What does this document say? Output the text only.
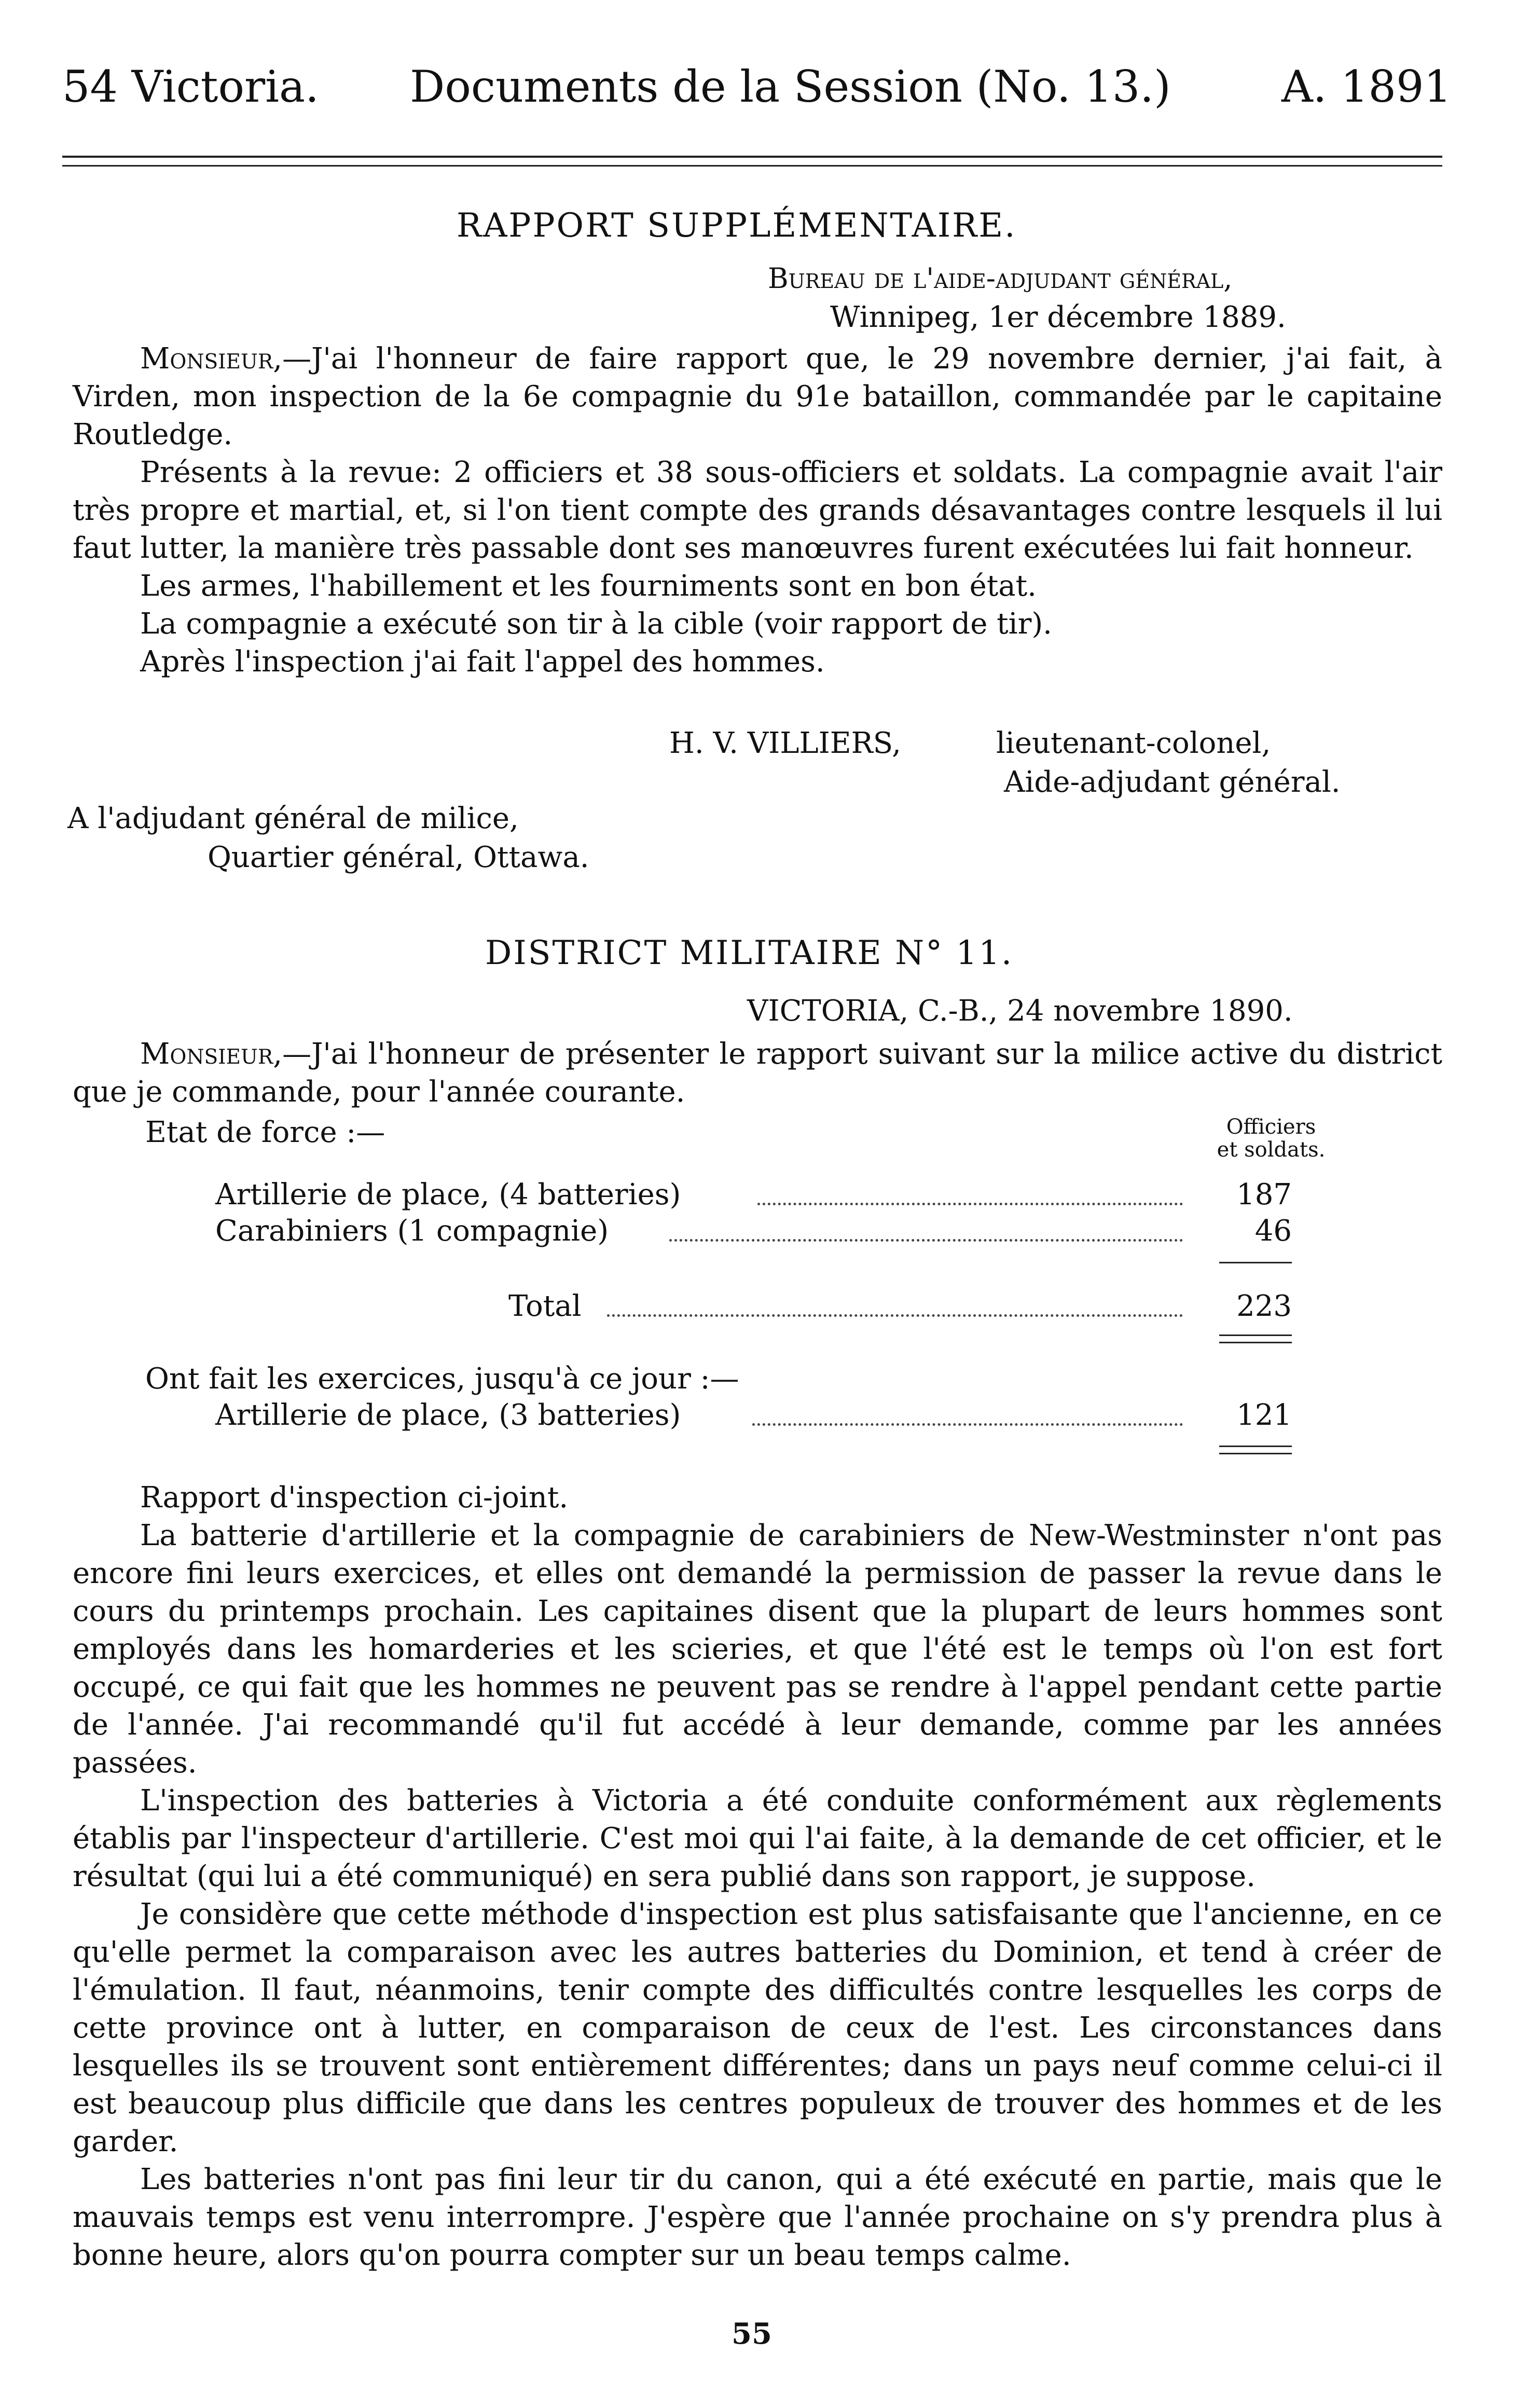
54 Victoria. Documents de la Session (No. 13.)	A. 1891
RAPPORT SUPPLÉMENTAIRE.
Bureau de l'aide-adjudant général,
Winnipeg, 1er décembre 1889.

Monsieur,—J'ai l'honneur de faire rapport que, le 29 novembre dernier, j'ai fait, à Virden, mon inspection de la 6e compagnie du 91e bataillon, commandée par le capitaine Routledge.

Présents à la revue: 2 officiers et 38 sous-officiers et soldats. La compagnie avait l'air très propre et martial, et, si l'on tient compte des grands désavantages contre lesquels il lui faut lutter, la manière très passable dont ses manœuvres furent exécutées lui fait honneur.

Les armes, l'habillement et les fourniments sont en bon état.

La compagnie a exécuté son tir à la cible (voir rapport de tir).

Après l'inspection j'ai fait l'appel des hommes.

H. V. VILLIERS,	lieutenant-colonel,
Aide-adjudant général.
A l'adjudant général de milice,
Quartier général, Ottawa.
DISTRICT MILITAIRE N° 11.
VICTORIA, C.-B., 24 novembre 1890.

Monsieur,—J'ai l'honneur de présenter le rapport suivant sur la milice active du district que je commande, pour l'année courante.

Etat de force :—	Officiers
et soldats.
Artillerie de place, (4 batteries)	187
Carabiniers (1 compagnie)	46
Total	223
Ont fait les exercices, jusqu'à ce jour :—
Artillerie de place, (3 batteries)	121

Rapport d'inspection ci-joint.

La batterie d'artillerie et la compagnie de carabiniers de New-Westminster n'ont pas encore fini leurs exercices, et elles ont demandé la permission de passer la revue dans le cours du printemps prochain. Les capitaines disent que la plupart de leurs hommes sont employés dans les homarderies et les scieries, et que l'été est le temps où l'on est fort occupé, ce qui fait que les hommes ne peuvent pas se rendre à l'appel pendant cette partie de l'année. J'ai recommandé qu'il fut accédé à leur demande, comme par les années passées.

L'inspection des batteries à Victoria a été conduite conformément aux règlements établis par l'inspecteur d'artillerie. C'est moi qui l'ai faite, à la demande de cet officier, et le résultat (qui lui a été communiqué) en sera publié dans son rapport, je suppose.

Je considère que cette méthode d'inspection est plus satisfaisante que l'ancienne, en ce qu'elle permet la comparaison avec les autres batteries du Dominion, et tend à créer de l'émulation. Il faut, néanmoins, tenir compte des difficultés contre lesquelles les corps de cette province ont à lutter, en comparaison de ceux de l'est. Les circonstances dans lesquelles ils se trouvent sont entièrement différentes; dans un pays neuf comme celui-ci il est beaucoup plus difficile que dans les centres populeux de trouver des hommes et de les garder.

Les batteries n'ont pas fini leur tir du canon, qui a été exécuté en partie, mais que le mauvais temps est venu interrompre. J'espère que l'année prochaine on s'y prendra plus à bonne heure, alors qu'on pourra compter sur un beau temps calme.

55
